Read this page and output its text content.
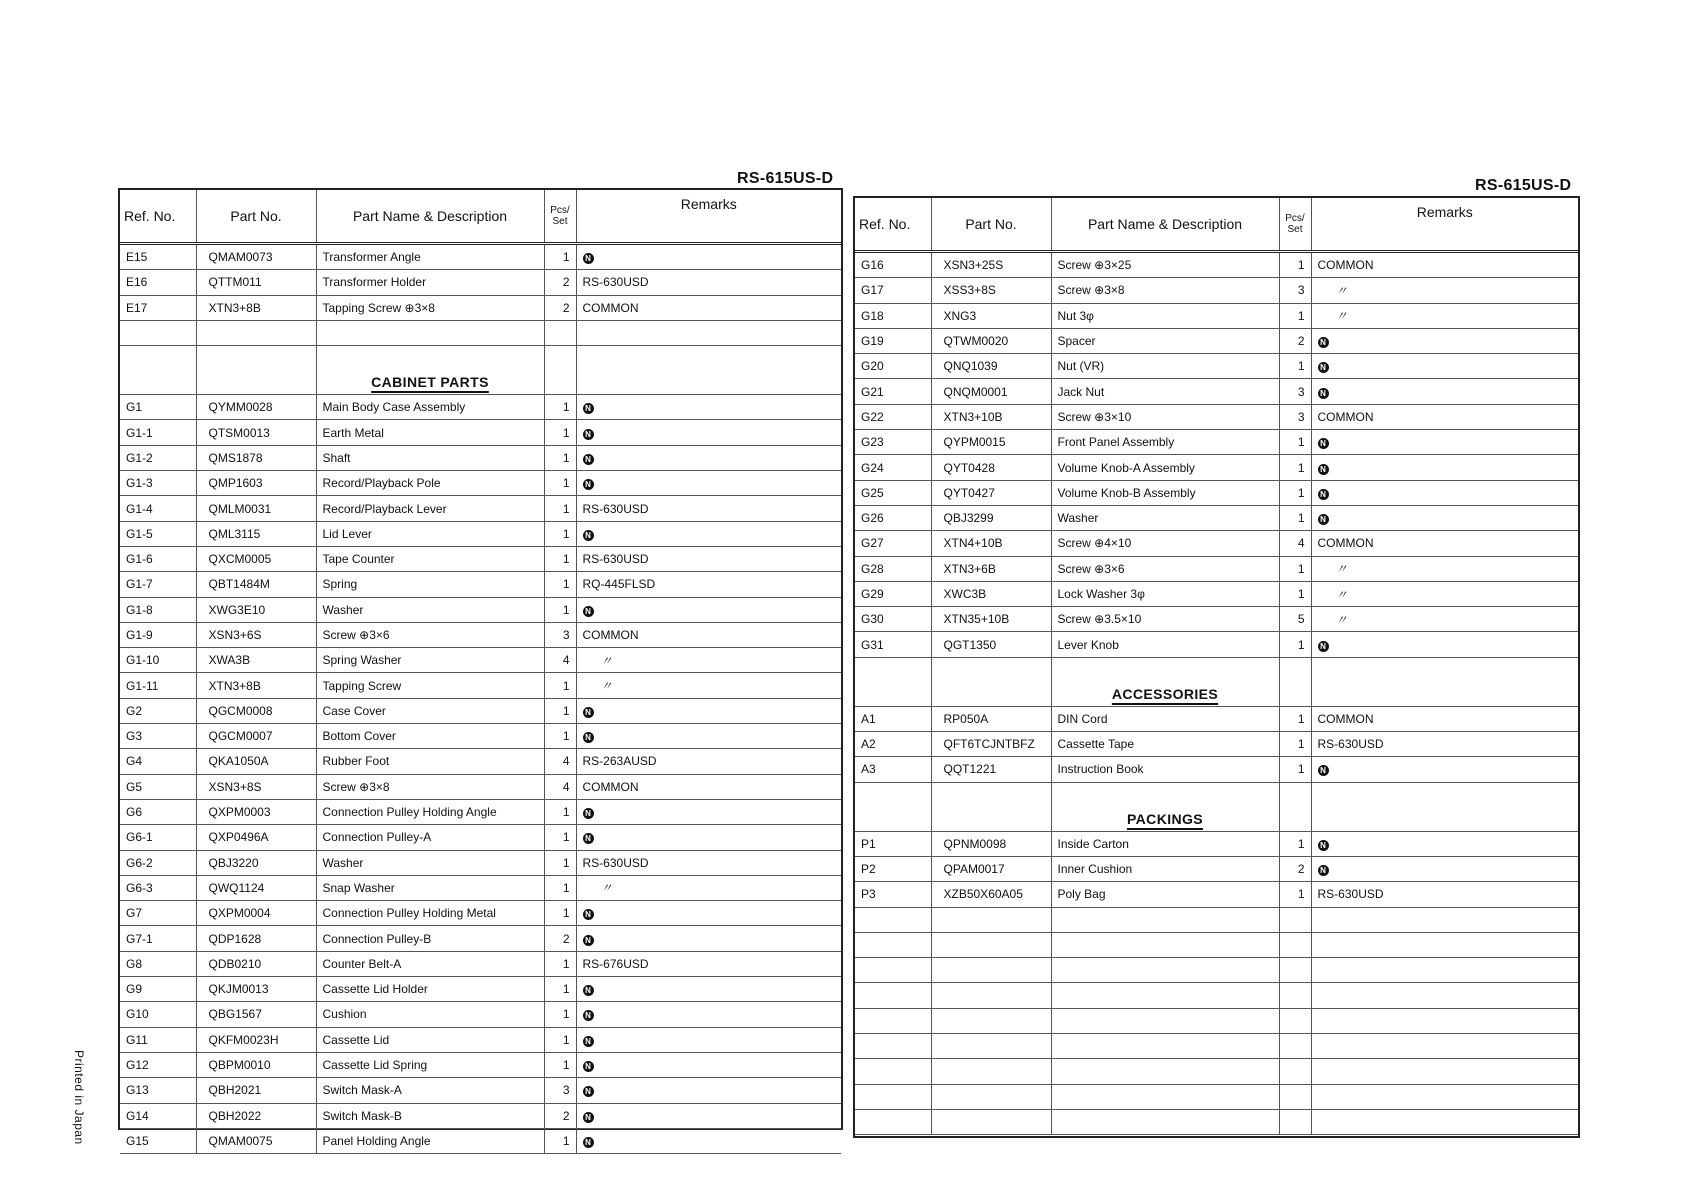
RS-615US-D	RS-615US-D
Ref. No.	Part No.	Part Name & Description	Pcs/ Set	Remarks
E15	QMAM0073	Transformer Angle	1	N
E16	QTTM011	Transformer Holder	2	RS-630USD
E17	XTN3+8B	Tapping Screw ⊕3×8	2	COMMON

		CABINET PARTS		
G1	QYMM0028	Main Body Case Assembly	1	N
G1-1	QTSM0013	Earth Metal	1	N
G1-2	QMS1878	Shaft	1	N
G1-3	QMP1603	Record/Playback Pole	1	N
G1-4	QMLM0031	Record/Playback Lever	1	RS-630USD
G1-5	QML3115	Lid Lever	1	N
G1-6	QXCM0005	Tape Counter	1	RS-630USD
G1-7	QBT1484M	Spring	1	RQ-445FLSD
G1-8	XWG3E10	Washer	1	N
G1-9	XSN3+6S	Screw ⊕3×6	3	COMMON
G1-10	XWA3B	Spring Washer	4	〃
G1-11	XTN3+8B	Tapping Screw	1	〃
G2	QGCM0008	Case Cover	1	N
G3	QGCM0007	Bottom Cover	1	N
G4	QKA1050A	Rubber Foot	4	RS-263AUSD
G5	XSN3+8S	Screw ⊕3×8	4	COMMON
G6	QXPM0003	Connection Pulley Holding Angle	1	N
G6-1	QXP0496A	Connection Pulley-A	1	N
G6-2	QBJ3220	Washer	1	RS-630USD
G6-3	QWQ1124	Snap Washer	1	〃
G7	QXPM0004	Connection Pulley Holding Metal	1	N
G7-1	QDP1628	Connection Pulley-B	2	N
G8	QDB0210	Counter Belt-A	1	RS-676USD
G9	QKJM0013	Cassette Lid Holder	1	N
G10	QBG1567	Cushion	1	N
G11	QKFM0023H	Cassette Lid	1	N
G12	QBPM0010	Cassette Lid Spring	1	N
G13	QBH2021	Switch Mask-A	3	N
G14	QBH2022	Switch Mask-B	2	N
G15	QMAM0075	Panel Holding Angle	1	N
Ref. No.	Part No.	Part Name & Description	Pcs/ Set	Remarks
G16	XSN3+25S	Screw ⊕3×25	1	COMMON
G17	XSS3+8S	Screw ⊕3×8	3	〃
G18	XNG3	Nut 3φ	1	〃
G19	QTWM0020	Spacer	2	N
G20	QNQ1039	Nut (VR)	1	N
G21	QNQM0001	Jack Nut	3	N
G22	XTN3+10B	Screw ⊕3×10	3	COMMON
G23	QYPM0015	Front Panel Assembly	1	N
G24	QYT0428	Volume Knob-A Assembly	1	N
G25	QYT0427	Volume Knob-B Assembly	1	N
G26	QBJ3299	Washer	1	N
G27	XTN4+10B	Screw ⊕4×10	4	COMMON
G28	XTN3+6B	Screw ⊕3×6	1	〃
G29	XWC3B	Lock Washer 3φ	1	〃
G30	XTN35+10B	Screw ⊕3.5×10	5	〃
G31	QGT1350	Lever Knob	1	N
		ACCESSORIES		
A1	RP050A	DIN Cord	1	COMMON
A2	QFT6TCJNTBFZ	Cassette Tape	1	RS-630USD
A3	QQT1221	Instruction Book	1	N
		PACKINGS		
P1	QPNM0098	Inside Carton	1	N
P2	QPAM0017	Inner Cushion	2	N
P3	XZB50X60A05	Poly Bag	1	RS-630USD

Printed in Japan
